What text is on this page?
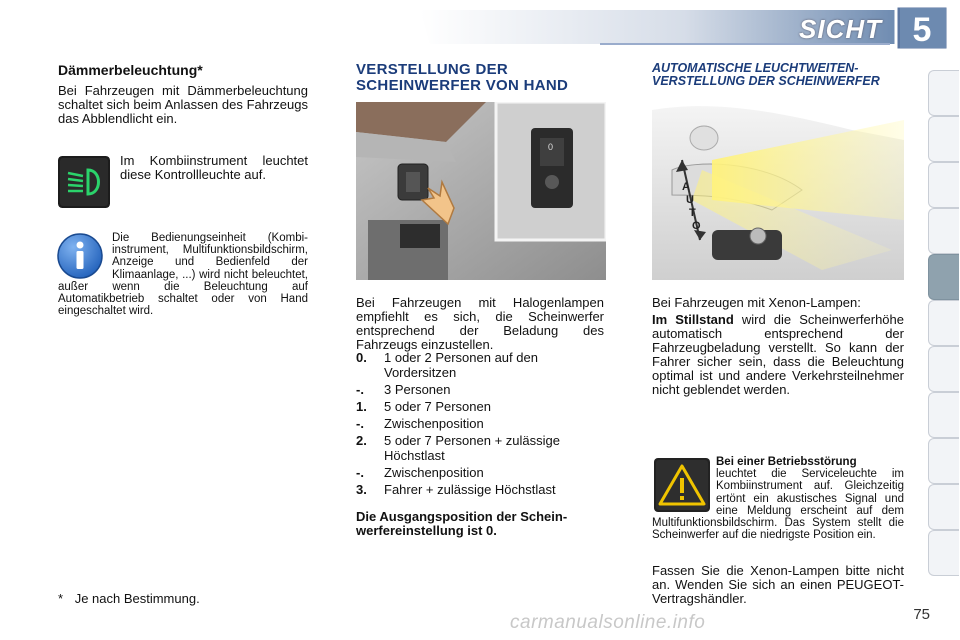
SICHT 5
Dämmerbeleuchtung*
Bei Fahrzeugen mit Dämmerbeleuchtung schaltet sich beim Anlassen des Fahrzeugs das Abblendlicht ein.
Im Kombiinstrument leuchtet diese Kontrollleuchte auf.
Die Bedienungseinheit (Kombiinstrument, Multifunktionsbildschirm, Anzeige und Bedienfeld der Klimaanlage, ...) wird nicht beleuchtet, außer wenn die Beleuchtung auf Automatikbetrieb schaltet oder von Hand eingeschaltet wird.
* Je nach Bestimmung.
VERSTELLUNG DER
SCHEINWERFER VON HAND
0
Bei Fahrzeugen mit Halogenlampen empfiehlt es sich, die Scheinwerfer entsprechend der Beladung des Fahrzeugs einzustellen.
0. 1 oder 2 Personen auf den Vordersitzen
-. 3 Personen
1. 5 oder 7 Personen
-. Zwischenposition
2. 5 oder 7 Personen + zulässige Höchstlast
-. Zwischenposition
3. Fahrer + zulässige Höchstlast
Die Ausgangsposition der Scheinwerfereinstellung ist 0.
AUTOMATISCHE LEUCHTWEITEN-
VERSTELLUNG DER SCHEINWERFER
A
U
T
O
Bei Fahrzeugen mit Xenon-Lampen:
Im Stillstand wird die Scheinwerferhöhe automatisch entsprechend der Fahrzeugbeladung verstellt. So kann der Fahrer sicher sein, dass die Beleuchtung optimal ist und andere Verkehrsteilnehmer nicht geblendet werden.
Bei einer Betriebsstörung
leuchtet die Serviceleuchte im Kombiinstrument auf. Gleichzeitig ertönt ein akustisches Signal und eine Meldung erscheint auf dem Multifunktionsbildschirm. Das System stellt die Scheinwerfer auf die niedrigste Position ein.
Fassen Sie die Xenon-Lampen bitte nicht an. Wenden Sie sich an einen PEUGEOT-Vertragshändler.
carmanualsonline.info	75
